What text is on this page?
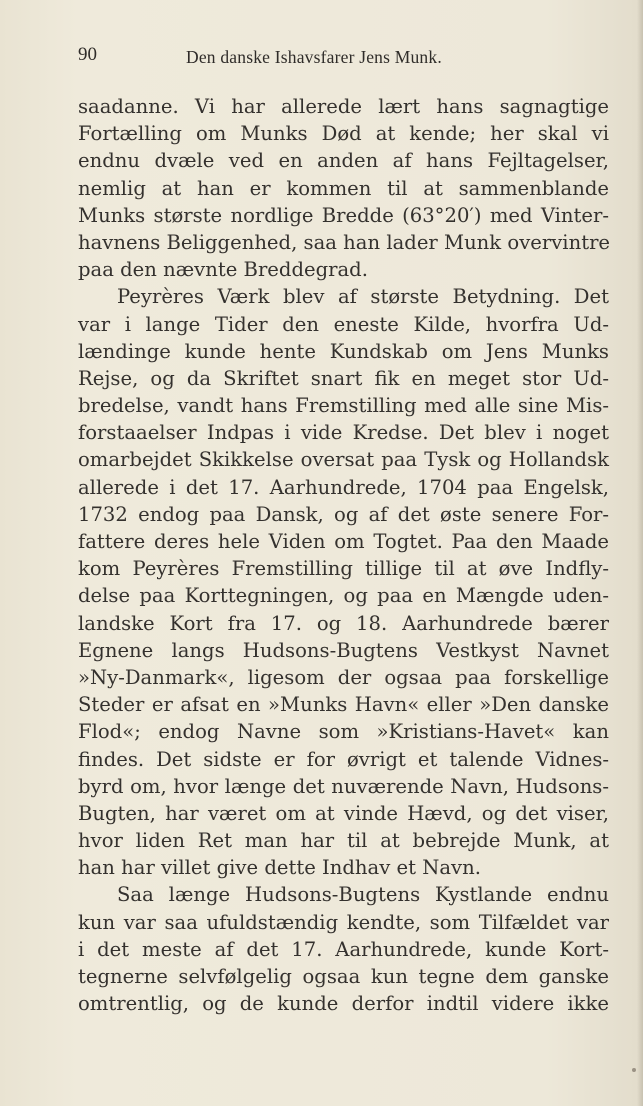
90	Den danske Ishavsfarer Jens Munk.
saadanne. Vi har allerede lært hans sagnagtige
Fortælling om Munks Død at kende; her skal vi
endnu dvæle ved en anden af hans Fejltagelser,
nemlig at han er kommen til at sammenblande
Munks største nordlige Bredde (63°20′) med Vinter-
havnens Beliggenhed, saa han lader Munk overvintre
paa den nævnte Breddegrad.
Peyrères Værk blev af største Betydning. Det
var i lange Tider den eneste Kilde, hvorfra Ud-
lændinge kunde hente Kundskab om Jens Munks
Rejse, og da Skriftet snart fik en meget stor Ud-
bredelse, vandt hans Fremstilling med alle sine Mis-
forstaaelser Indpas i vide Kredse. Det blev i noget
omarbejdet Skikkelse oversat paa Tysk og Hollandsk
allerede i det 17. Aarhundrede, 1704 paa Engelsk,
1732 endog paa Dansk, og af det øste senere For-
fattere deres hele Viden om Togtet. Paa den Maade
kom Peyrères Fremstilling tillige til at øve Indfly-
delse paa Korttegningen, og paa en Mængde uden-
landske Kort fra 17. og 18. Aarhundrede bærer
Egnene langs Hudsons-Bugtens Vestkyst Navnet
»Ny-Danmark«, ligesom der ogsaa paa forskellige
Steder er afsat en »Munks Havn« eller »Den danske
Flod«; endog Navne som »Kristians-Havet« kan
findes. Det sidste er for øvrigt et talende Vidnes-
byrd om, hvor længe det nuværende Navn, Hudsons-
Bugten, har været om at vinde Hævd, og det viser,
hvor liden Ret man har til at bebrejde Munk, at
han har villet give dette Indhav et Navn.
Saa længe Hudsons-Bugtens Kystlande endnu
kun var saa ufuldstændig kendte, som Tilfældet var
i det meste af det 17. Aarhundrede, kunde Kort-
tegnerne selvfølgelig ogsaa kun tegne dem ganske
omtrentlig, og de kunde derfor indtil videre ikke
